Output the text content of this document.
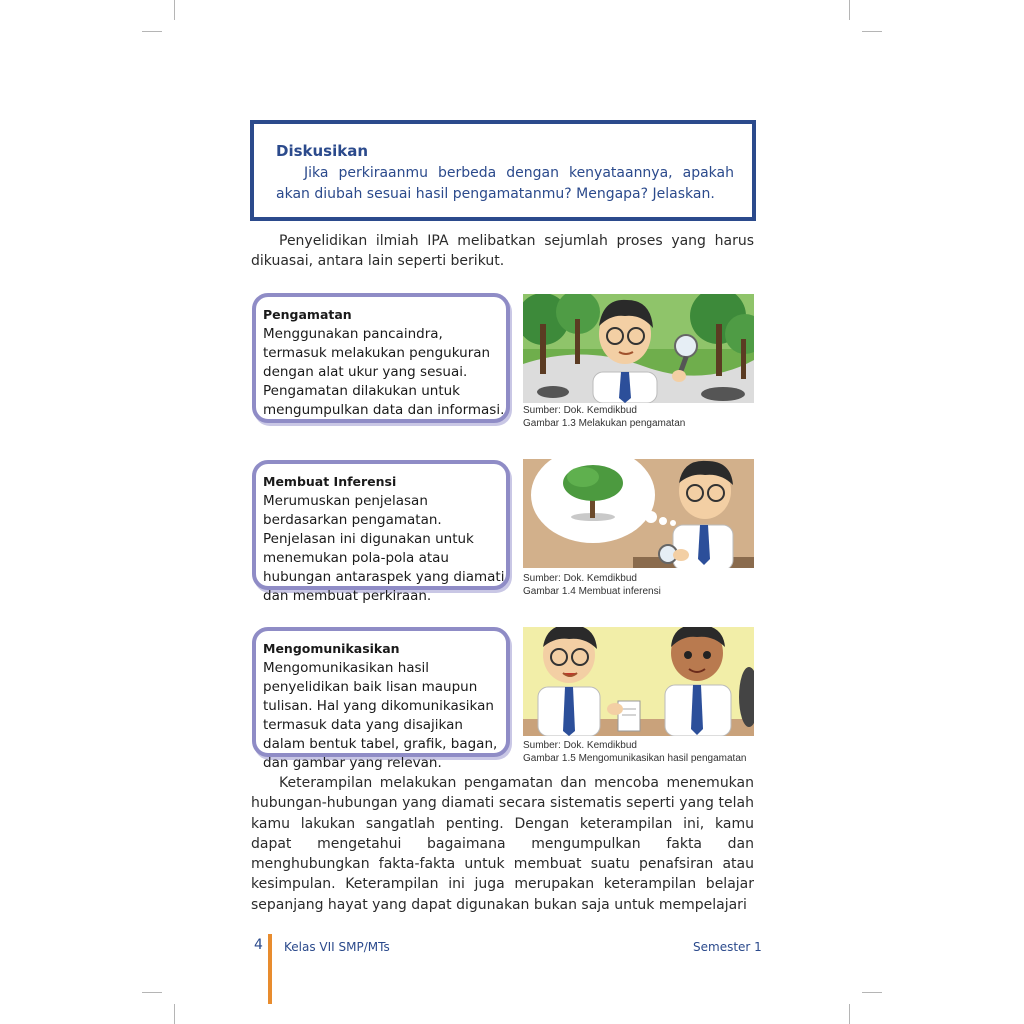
Diskusikan
Jika perkiraanmu berbeda dengan kenyataannya, apakah akan diubah sesuai hasil pengamatanmu? Mengapa? Jelaskan.
Penyelidikan ilmiah IPA melibatkan sejumlah proses yang harus dikuasai, antara lain seperti berikut.
Pengamatan
Menggunakan pancaindra, termasuk melakukan pengukuran dengan alat ukur yang sesuai. Pengamatan dilakukan untuk mengumpulkan data dan informasi. Sumber: Dok. Kemdikbud
Gambar 1.3 Melakukan pengamatan
Membuat Inferensi
Merumuskan penjelasan berdasarkan pengamatan. Penjelasan ini digunakan untuk menemukan pola-pola atau hubungan antaraspek yang diamati dan membuat perkiraan.
Sumber: Dok. Kemdikbud
Gambar 1.4 Membuat inferensi
Mengomunikasikan
Mengomunikasikan hasil penyelidikan baik lisan maupun tulisan. Hal yang dikomunikasikan termasuk data yang disajikan dalam bentuk tabel, grafik, bagan, dan gambar yang relevan.
Sumber: Dok. Kemdikbud
Gambar 1.5 Mengomunikasikan hasil pengamatan
Keterampilan melakukan pengamatan dan mencoba menemukan hubungan-hubungan yang diamati secara sistematis seperti yang telah kamu lakukan sangatlah penting. Dengan keterampilan ini, kamu dapat mengetahui bagaimana mengumpulkan fakta dan menghubungkan fakta-fakta untuk membuat suatu penafsiran atau kesimpulan. Keterampilan ini juga merupakan keterampilan belajar sepanjang hayat yang dapat digunakan bukan saja untuk mempelajari
4 Kelas VII SMP/MTs	Semester 1
